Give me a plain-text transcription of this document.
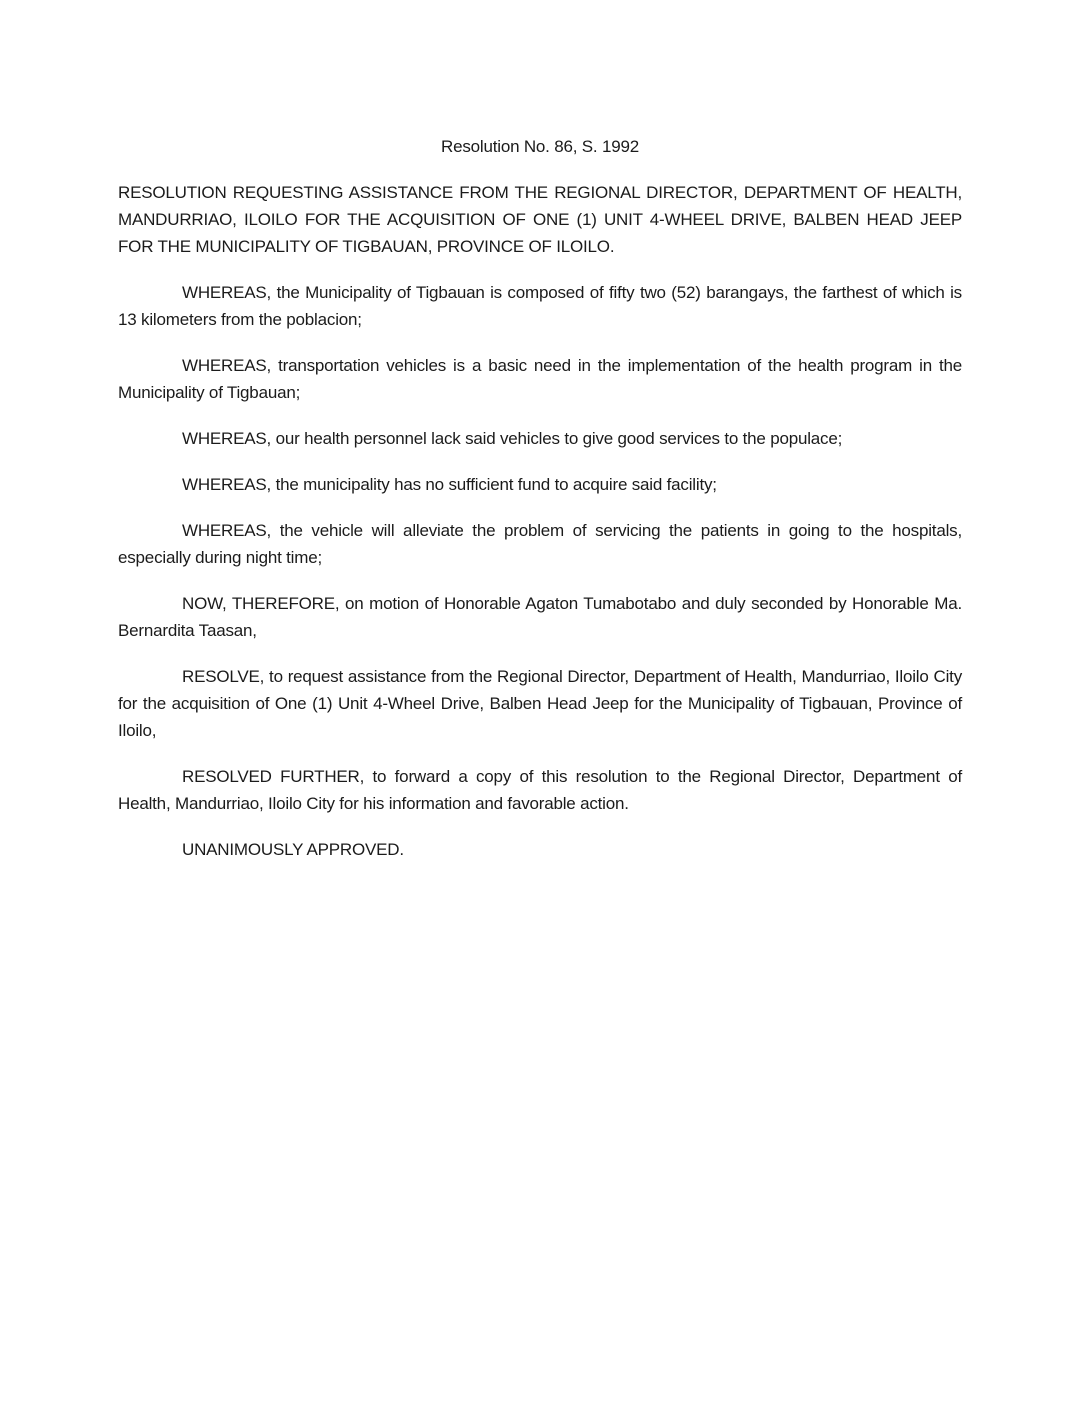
Resolution No. 86, S. 1992

RESOLUTION REQUESTING ASSISTANCE FROM THE REGIONAL DIRECTOR, DEPARTMENT OF HEALTH, MANDURRIAO, ILOILO FOR THE ACQUISITION OF ONE (1) UNIT 4-WHEEL DRIVE, BALBEN HEAD JEEP FOR THE MUNICIPALITY OF TIGBAUAN, PROVINCE OF ILOILO.

WHEREAS, the Municipality of Tigbauan is composed of fifty two (52) barangays, the farthest of which is 13 kilometers from the poblacion;

WHEREAS, transportation vehicles is a basic need in the implementation of the health program in the Municipality of Tigbauan;

WHEREAS, our health personnel lack said vehicles to give good services to the populace;

WHEREAS, the municipality has no sufficient fund to acquire said facility;

WHEREAS, the vehicle will alleviate the problem of servicing the patients in going to the hospitals, especially during night time;

NOW, THEREFORE, on motion of Honorable Agaton Tumabotabo and duly seconded by Honorable Ma. Bernardita Taasan,

RESOLVE, to request assistance from the Regional Director, Department of Health, Mandurriao, Iloilo City for the acquisition of One (1) Unit 4-Wheel Drive, Balben Head Jeep for the Municipality of Tigbauan, Province of Iloilo,

RESOLVED FURTHER, to forward a copy of this resolution to the Regional Director, Department of Health, Mandurriao, Iloilo City for his information and favorable action.

UNANIMOUSLY APPROVED.
